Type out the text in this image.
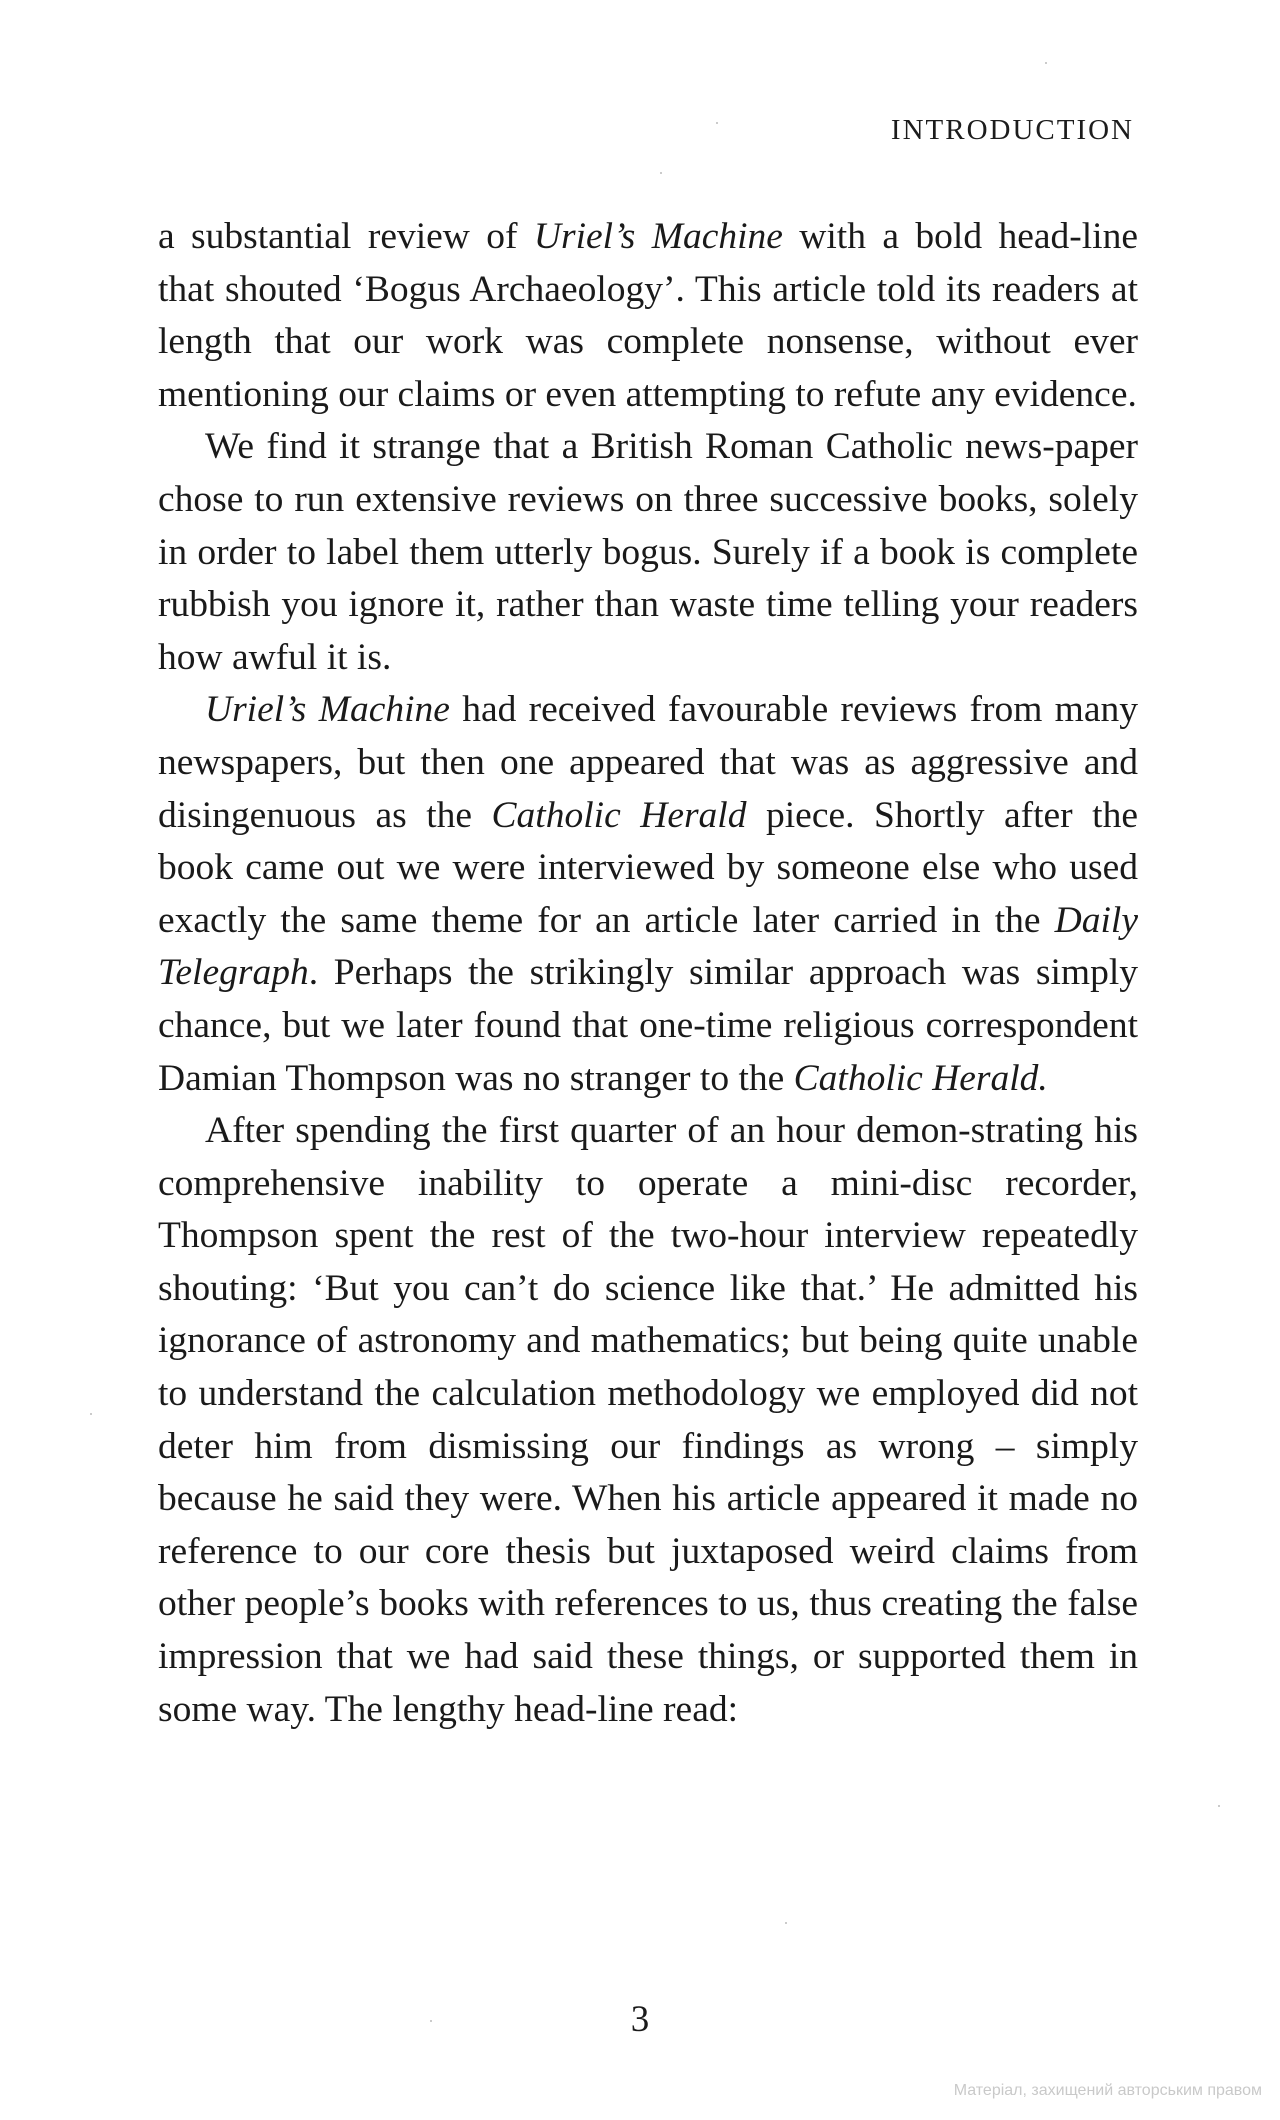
INTRODUCTION

a substantial review of Uriel’s Machine with a bold head-line that shouted ‘Bogus Archaeology’. This article told its readers at length that our work was complete nonsense, without ever mentioning our claims or even attempting to refute any evidence.

We find it strange that a British Roman Catholic news-paper chose to run extensive reviews on three successive books, solely in order to label them utterly bogus. Surely if a book is complete rubbish you ignore it, rather than waste time telling your readers how awful it is.

Uriel’s Machine had received favourable reviews from many newspapers, but then one appeared that was as aggressive and disingenuous as the Catholic Herald piece. Shortly after the book came out we were interviewed by someone else who used exactly the same theme for an article later carried in the Daily Telegraph. Perhaps the strikingly similar approach was simply chance, but we later found that one-time religious correspondent Damian Thompson was no stranger to the Catholic Herald.

After spending the first quarter of an hour demon-strating his comprehensive inability to operate a mini-disc recorder, Thompson spent the rest of the two-hour interview repeatedly shouting: ‘But you can’t do science like that.’ He admitted his ignorance of astronomy and mathematics; but being quite unable to understand the calculation methodology we employed did not deter him from dismissing our findings as wrong – simply because he said they were. When his article appeared it made no reference to our core thesis but juxtaposed weird claims from other people’s books with references to us, thus creating the false impression that we had said these things, or supported them in some way. The lengthy head-line read:

3
Матеріал, захищений авторським правом
